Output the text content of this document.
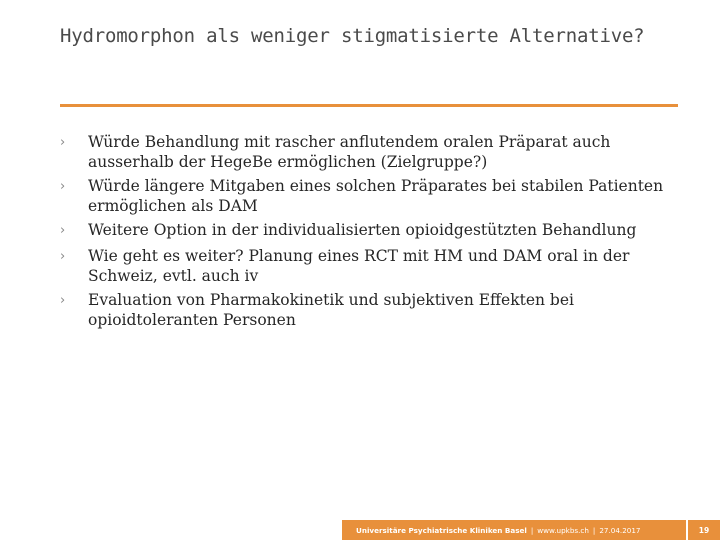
Hydromorphon als weniger stigmatisierte Alternative?
›	Würde Behandlung mit rascher anflutendem oralen Präparat auch ausserhalb der HegeBe ermöglichen (Zielgruppe?)
›	Würde längere Mitgaben eines solchen Präparates bei stabilen Patienten ermöglichen als DAM
›	Weitere Option in der individualisierten opioidgestützten Behandlung
›	Wie geht es weiter? Planung eines RCT mit HM und DAM oral in der Schweiz, evtl. auch iv
›	Evaluation von Pharmakokinetik und subjektiven Effekten bei opioidtoleranten Personen
Universitäre Psychiatrische Kliniken Basel | www.upkbs.ch | 27.04.2017	19
